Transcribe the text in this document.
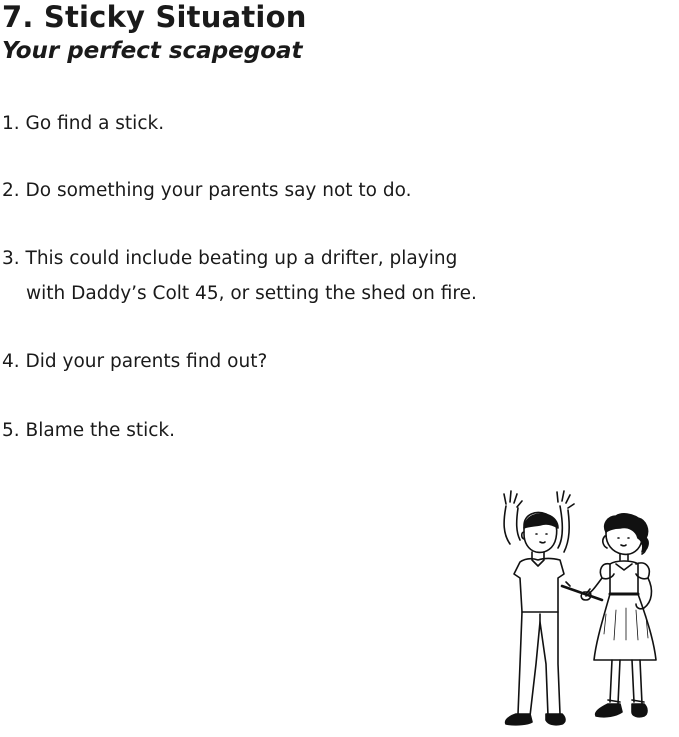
7. Sticky Situation
Your perfect scapegoat
1. Go find a stick.
2. Do something your parents say not to do.
3. This could include beating up a drifter, playing
with Daddy’s Colt 45, or setting the shed on fire.
4. Did your parents find out?
5. Blame the stick.
